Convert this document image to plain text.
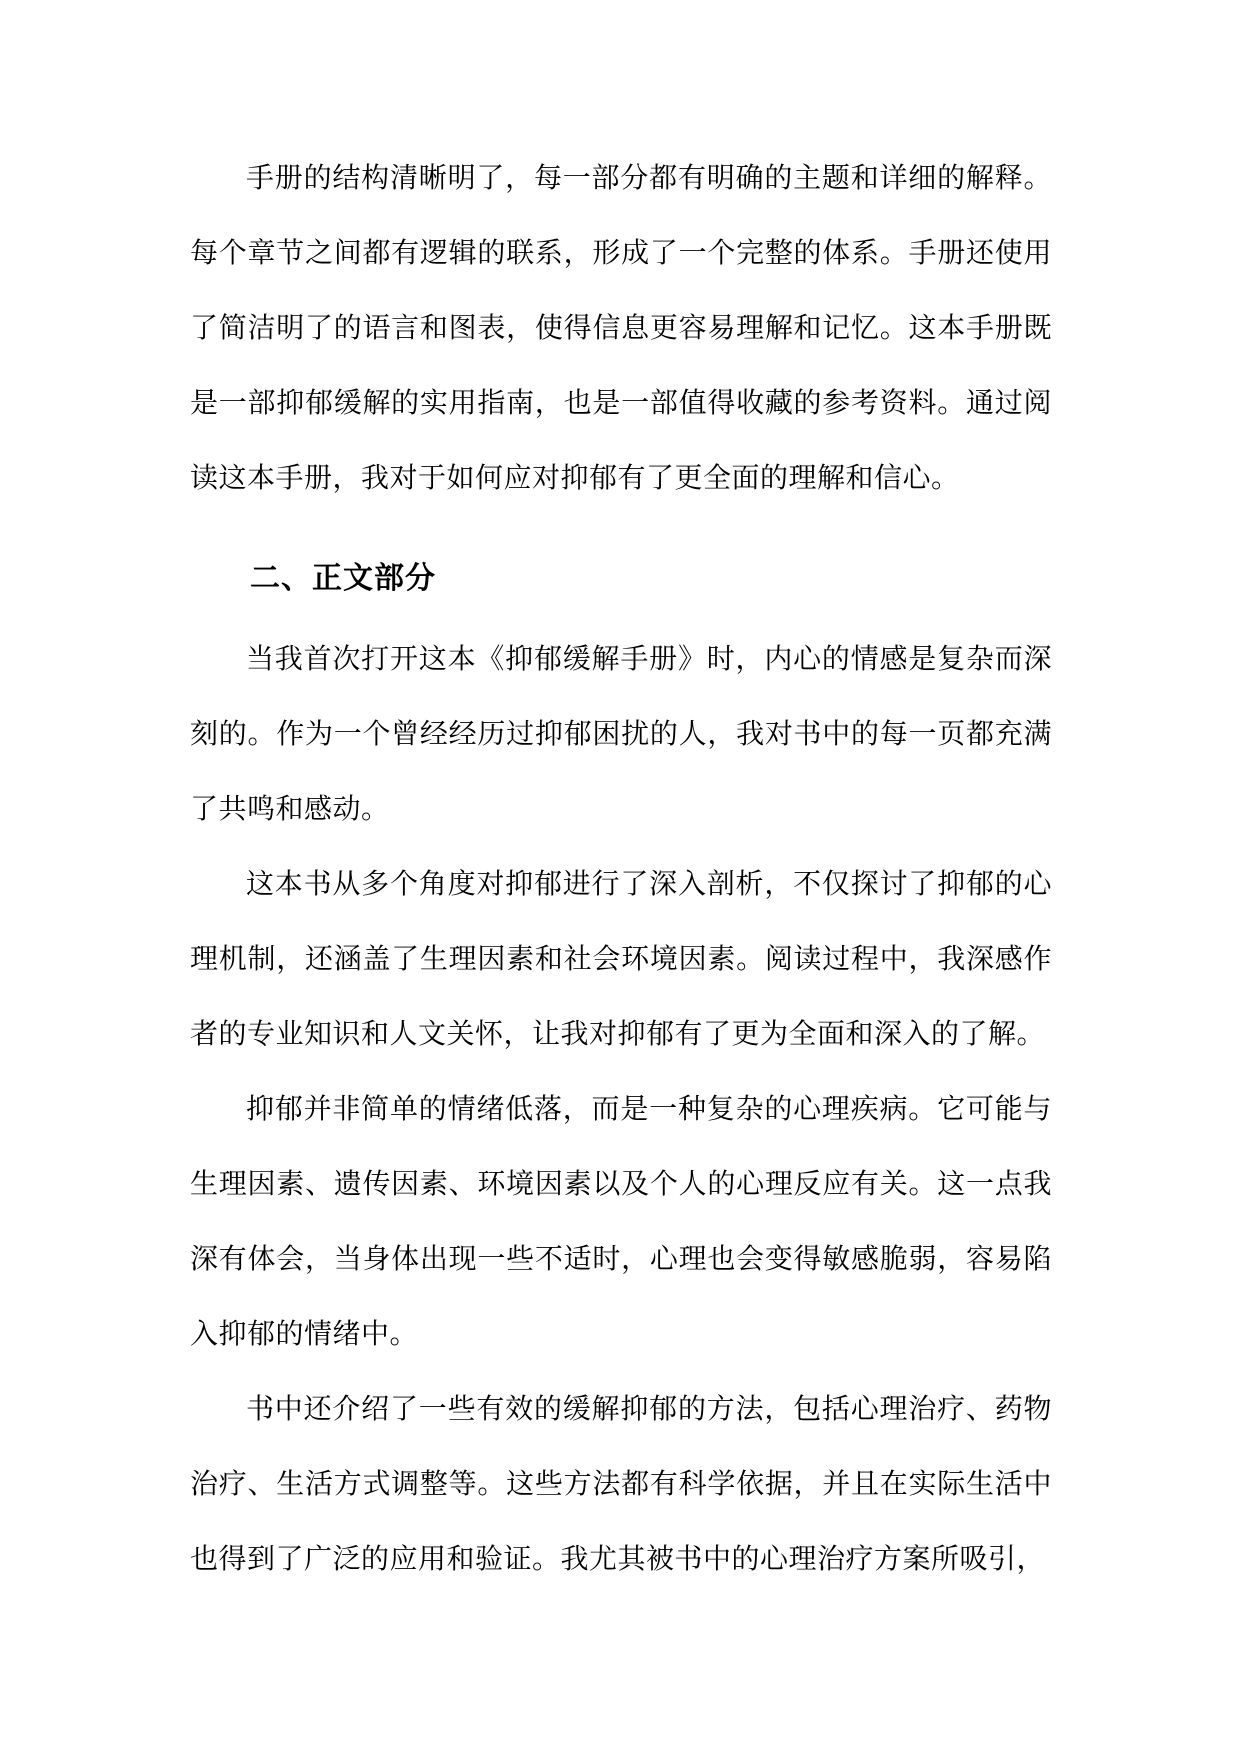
手册的结构清晰明了，每一部分都有明确的主题和详细的解释。每个章节之间都有逻辑的联系，形成了一个完整的体系。手册还使用了简洁明了的语言和图表，使得信息更容易理解和记忆。这本手册既是一部抑郁缓解的实用指南，也是一部值得收藏的参考资料。通过阅读这本手册，我对于如何应对抑郁有了更全面的理解和信心。

二、正文部分

当我首次打开这本《抑郁缓解手册》时，内心的情感是复杂而深刻的。作为一个曾经经历过抑郁困扰的人，我对书中的每一页都充满了共鸣和感动。

这本书从多个角度对抑郁进行了深入剖析，不仅探讨了抑郁的心理机制，还涵盖了生理因素和社会环境因素。阅读过程中，我深感作者的专业知识和人文关怀，让我对抑郁有了更为全面和深入的了解。

抑郁并非简单的情绪低落，而是一种复杂的心理疾病。它可能与生理因素、遗传因素、环境因素以及个人的心理反应有关。这一点我深有体会，当身体出现一些不适时，心理也会变得敏感脆弱，容易陷入抑郁的情绪中。

书中还介绍了一些有效的缓解抑郁的方法，包括心理治疗、药物治疗、生活方式调整等。这些方法都有科学依据，并且在实际生活中也得到了广泛的应用和验证。我尤其被书中的心理治疗方案所吸引，
